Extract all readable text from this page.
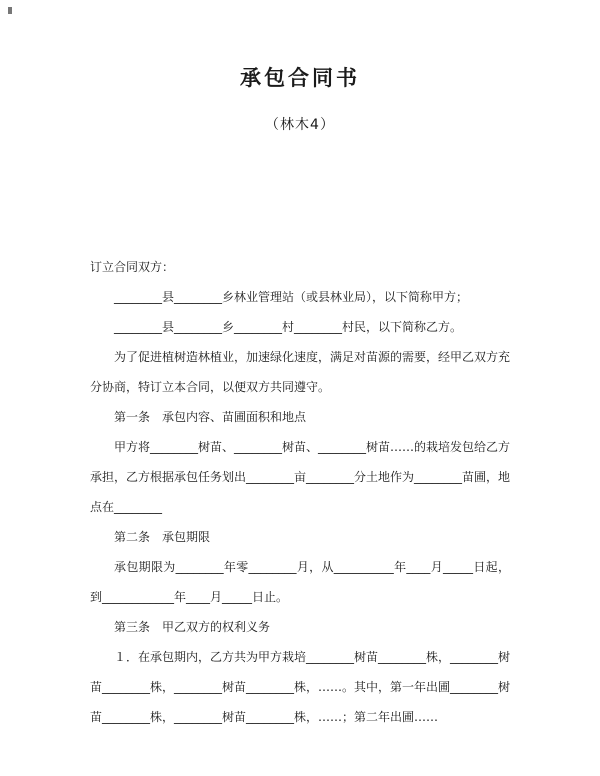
承包合同书
（林木4）

订立合同双方：

________县________乡林业管理站（或县林业局），以下简称甲方；

________县________乡________村________村民，以下简称乙方。

为了促进植树造林植业，加速绿化速度，满足对苗源的需要，经甲乙双方充分协商，特订立本合同，以便双方共同遵守。

第一条　承包内容、苗圃面积和地点

甲方将________树苗、________树苗、________树苗……的栽培发包给乙方承担，乙方根据承包任务划出________亩________分土地作为________苗圃，地点在________

第二条　承包期限

承包期限为________年零________月，从__________年____月_____日起，到____________年____月_____日止。

第三条　甲乙双方的权利义务

１．在承包期内，乙方共为甲方栽培________树苗________株，________树苗________株，________树苗________株，……。其中，第一年出圃________树苗________株，________树苗________株，……；第二年出圃……
